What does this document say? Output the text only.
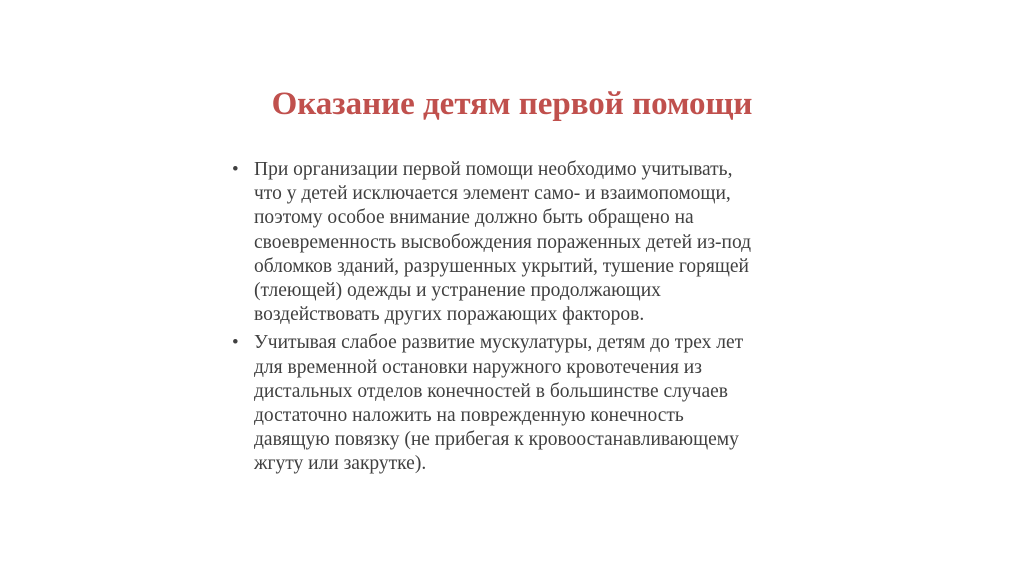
Оказание детям первой помощи
• При организации первой помощи необходимо учитывать,
что у детей исключается элемент само- и взаимопомощи,
поэтому особое внимание должно быть обращено на
своевременность высвобождения пораженных детей из-под
обломков зданий, разрушенных укрытий, тушение горящей
(тлеющей) одежды и устранение продолжающих
воздействовать других поражающих факторов.
• Учитывая слабое развитие мускулатуры, детям до трех лет
для временной остановки наружного кровотечения из
дистальных отделов конечностей в большинстве случаев
достаточно наложить на поврежденную конечность
давящую повязку (не прибегая к кровоостанавливающему
жгуту или закрутке).
